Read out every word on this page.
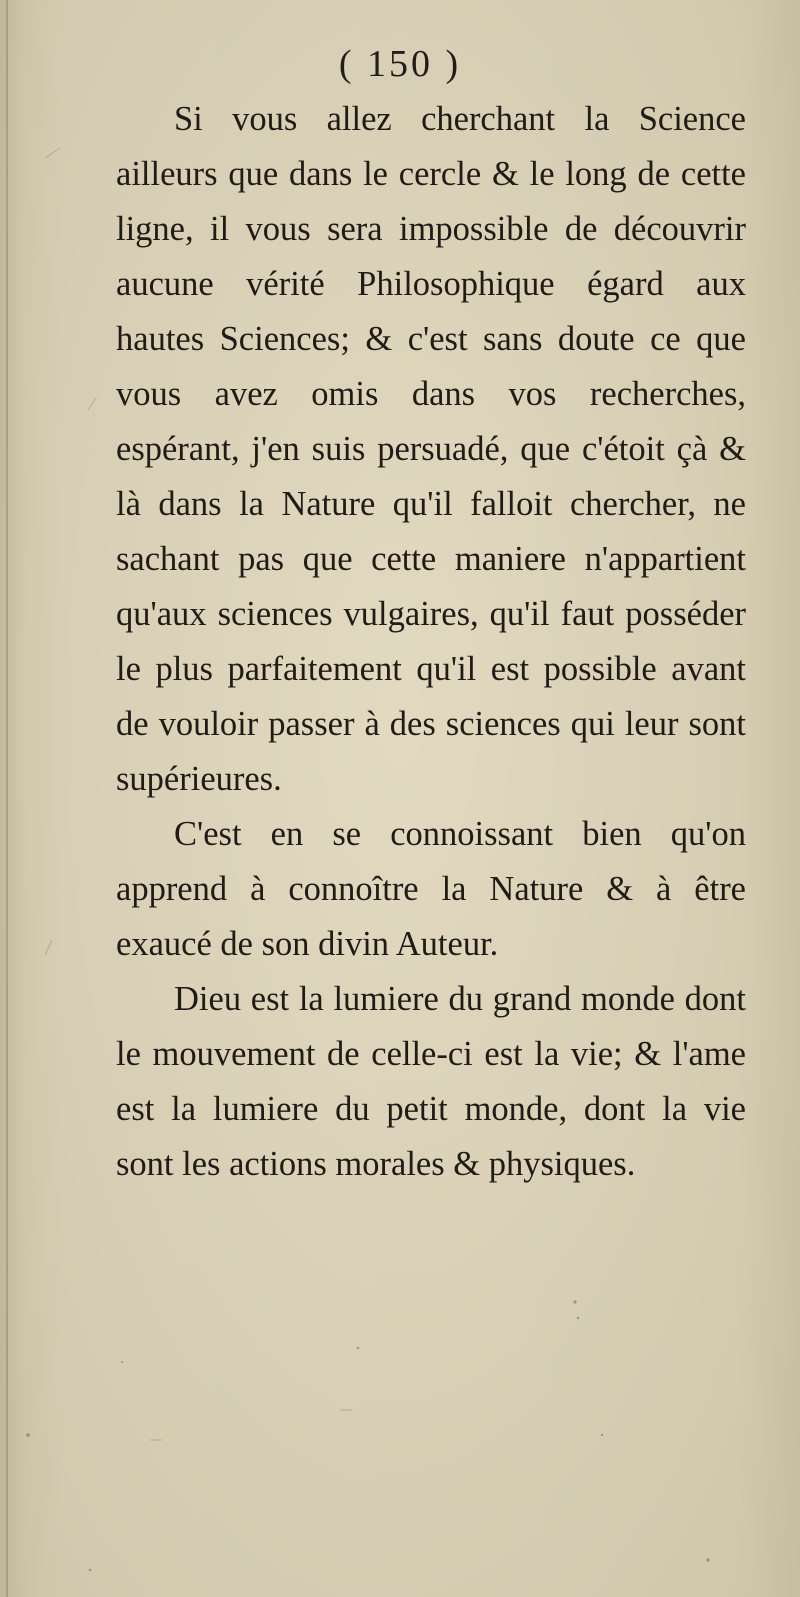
( 150 )

Si vous allez cherchant la Science ailleurs que dans le cercle & le long de cette ligne, il vous sera impossible de découvrir aucune vérité Philosophique égard aux hautes Sciences; & c'est sans doute ce que vous avez omis dans vos recherches, espérant, j'en suis persuadé, que c'étoit çà & là dans la Nature qu'il falloit chercher, ne sachant pas que cette maniere n'appartient qu'aux sciences vulgaires, qu'il faut posséder le plus parfaitement qu'il est possible avant de vouloir passer à des sciences qui leur sont supérieures.

C'est en se connoissant bien qu'on apprend à connoître la Nature & à être exaucé de son divin Auteur.

Dieu est la lumiere du grand monde dont le mouvement de celle-ci est la vie; & l'ame est la lumiere du petit monde, dont la vie sont les actions morales & physiques.
